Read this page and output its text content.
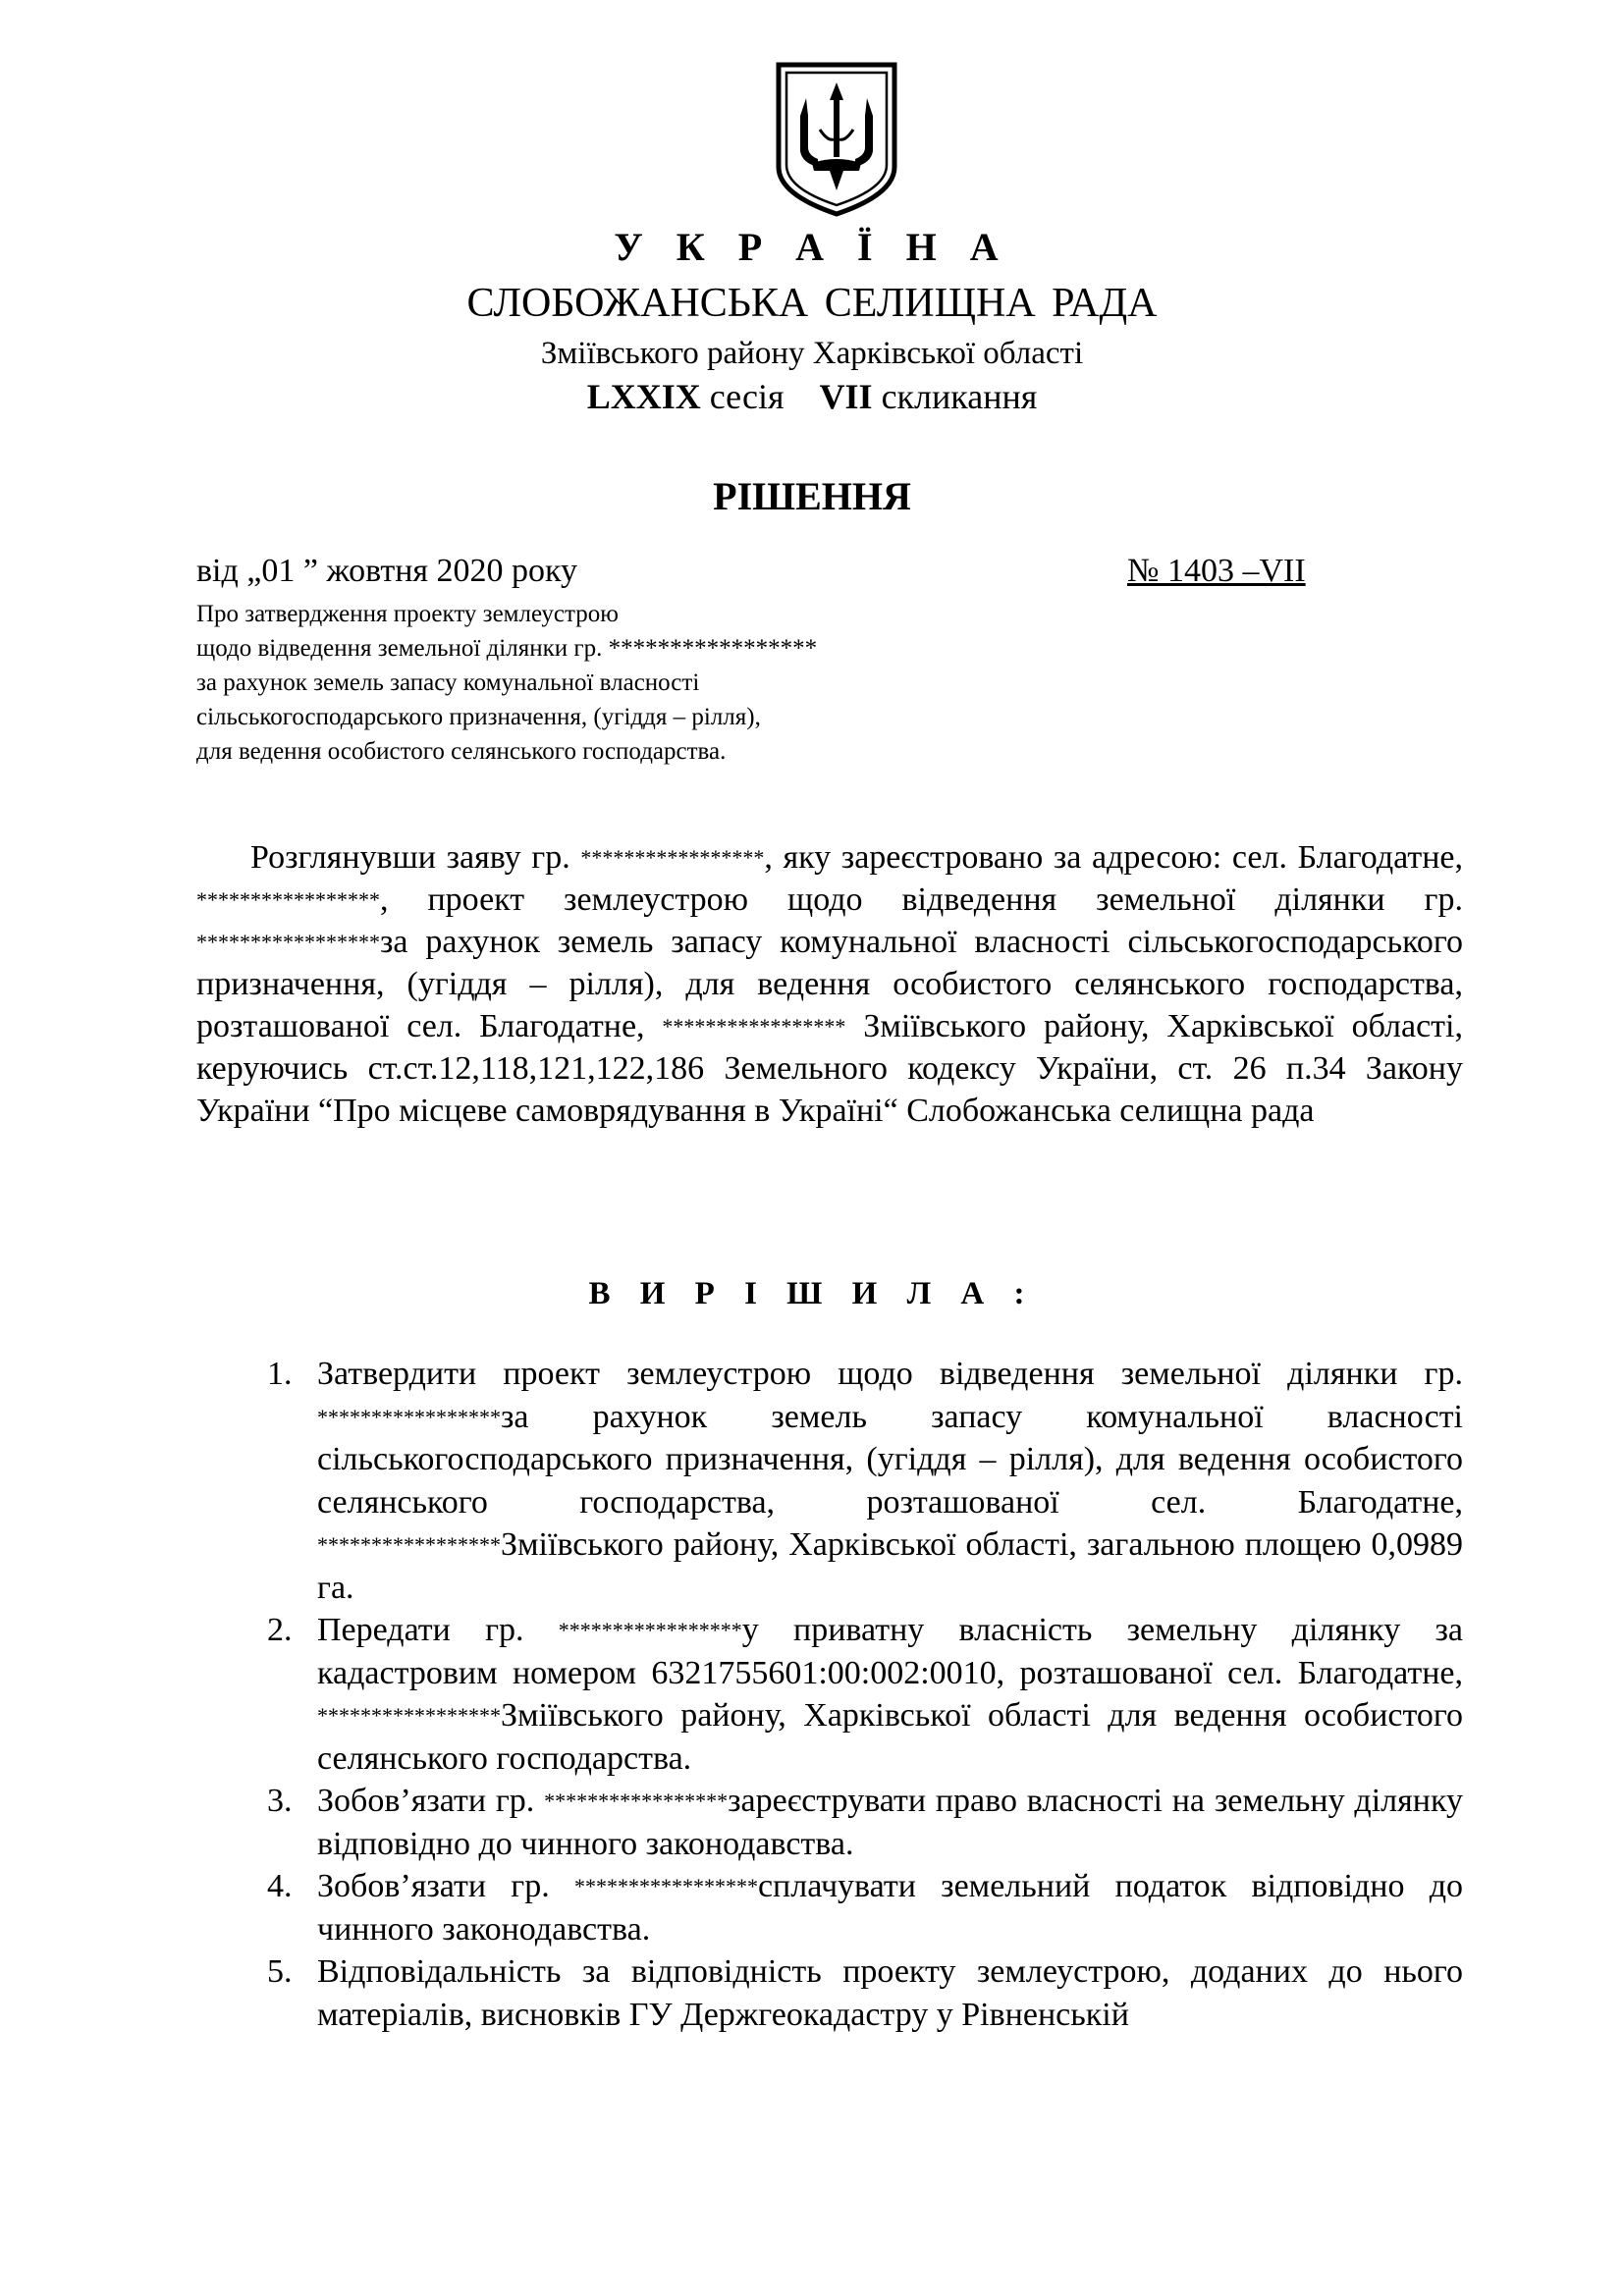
У К Р А Ї Н А
СЛОБОЖАНСЬКА СЕЛИЩНА РАДА
Зміївського району Харківської області
LXXIX сесія VII скликання
РІШЕННЯ
від „01 ” жовтня 2020 року	№ 1403 –VII
Про затвердження проекту землеустрою
щодо відведення земельної ділянки гр. *****************
за рахунок земель запасу комунальної власності
сільськогосподарського призначення, (угіддя – рілля),
для ведення особистого селянського господарства.
Розглянувши заяву гр. *****************, яку зареєстровано за адресою: сел. Благодатне, *****************, проект землеустрою щодо відведення земельної ділянки гр. *****************за рахунок земель запасу комунальної власності сільськогосподарського призначення, (угіддя – рілля), для ведення особистого селянського господарства, розташованої сел. Благодатне, ***************** Зміївського району, Харківської області, керуючись ст.ст.12,118,121,122,186 Земельного кодексу України, ст. 26 п.34 Закону України “Про місцеве самоврядування в Україні“ Слобожанська селищна рада
В И Р І Ш И Л А :
1. Затвердити проект землеустрою щодо відведення земельної ділянки гр. *****************за рахунок земель запасу комунальної власності сільськогосподарського призначення, (угіддя – рілля), для ведення особистого селянського господарства, розташованої сел. Благодатне, *****************Зміївського району, Харківської області, загальною площею 0,0989 га.
2. Передати гр. *****************у приватну власність земельну ділянку за кадастровим номером 6321755601:00:002:0010, розташованої сел. Благодатне, *****************Зміївського району, Харківської області для ведення особистого селянського господарства.
3. Зобов’язати гр. *****************зареєструвати право власності на земельну ділянку відповідно до чинного законодавства.
4. Зобов’язати гр. *****************сплачувати земельний податок відповідно до чинного законодавства.
5. Відповідальність за відповідність проекту землеустрою, доданих до нього матеріалів, висновків ГУ Держгеокадастру у Рівненській
